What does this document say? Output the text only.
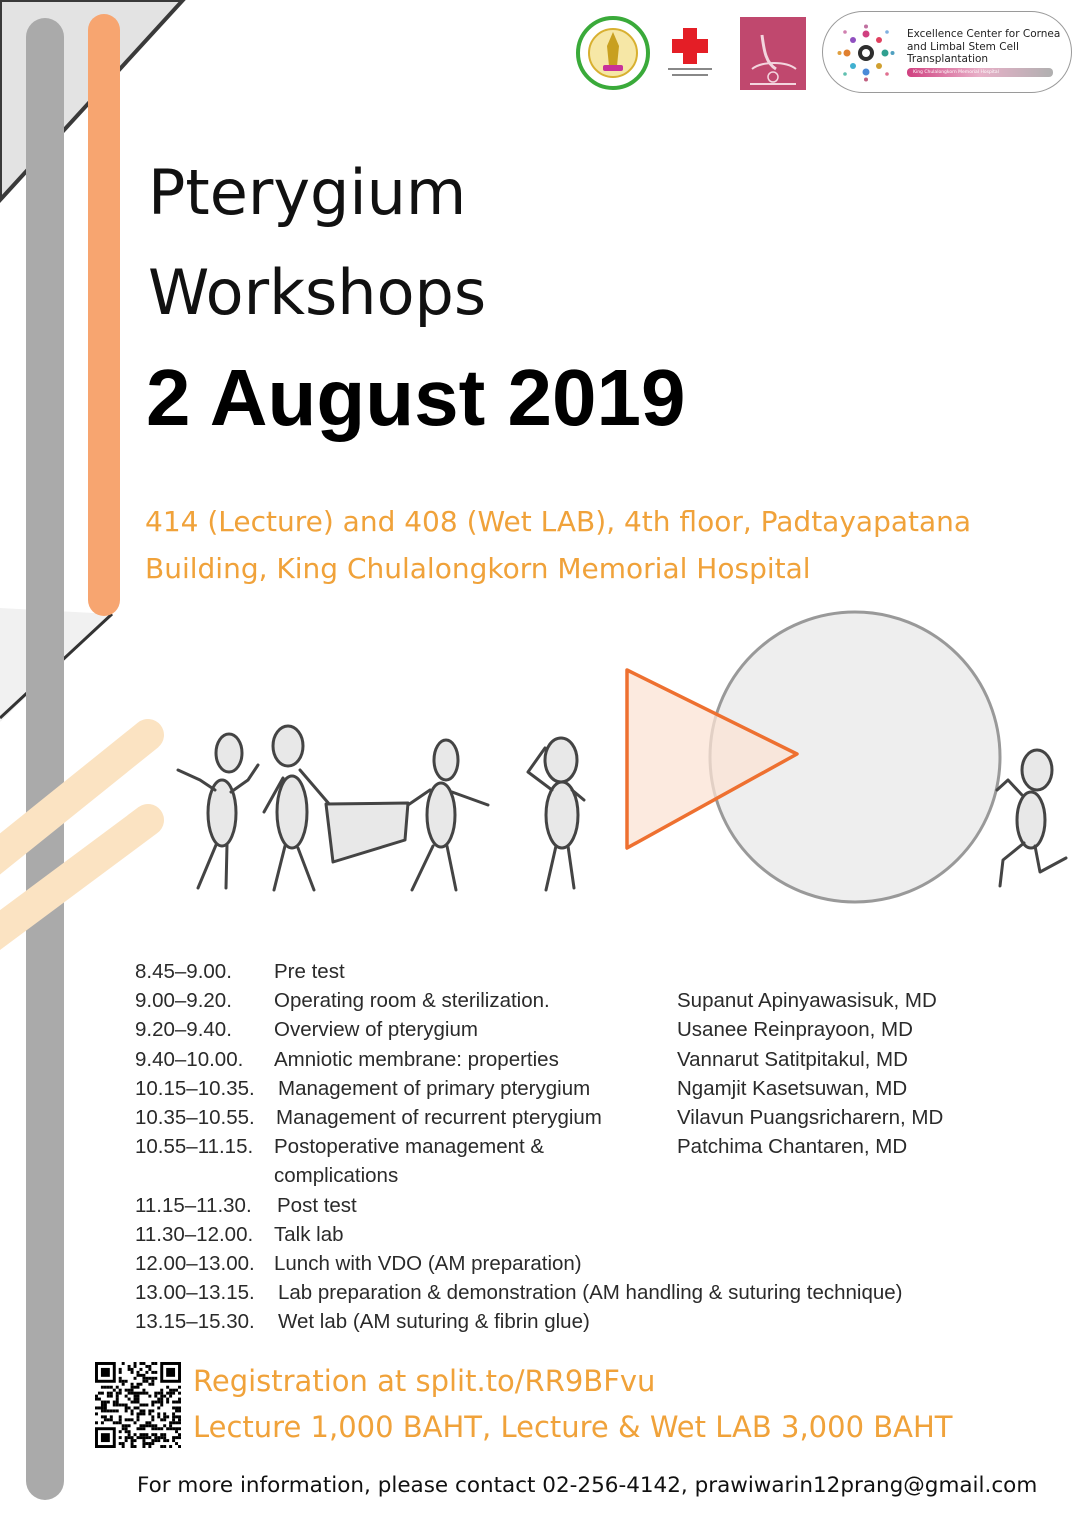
Excellence Center for Cornea
and Limbal Stem Cell
Transplantation
King Chulalongkorn Memorial Hospital
Pterygium
Workshops
2 August 2019
414 (Lecture) and 408 (Wet LAB), 4th floor, Padtayapatana
Building, King Chulalongkorn Memorial Hospital
8.45–9.00. Pre test
9.00–9.20. Operating room & sterilization.	Supanut Apinyawasisuk, MD
9.20–9.40. Overview of pterygium	Usanee Reinprayoon, MD
9.40–10.00. Amniotic membrane: properties	Vannarut Satitpitakul, MD
10.15–10.35. Management of primary pterygium	Ngamjit Kasetsuwan, MD
10.35–10.55. Management of recurrent pterygium	Vilavun Puangsricharern, MD
10.55–11.15. Postoperative management &	Patchima Chantaren, MD
complications
11.15–11.30. Post test
11.30–12.00. Talk lab
12.00–13.00. Lunch with VDO (AM preparation)
13.00–13.15. Lab preparation & demonstration (AM handling & suturing technique)
13.15–15.30. Wet lab (AM suturing & fibrin glue)
Registration at split.to/RR9BFvu
Lecture 1,000 BAHT, Lecture & Wet LAB 3,000 BAHT
For more information, please contact 02-256-4142, prawiwarin12prang@gmail.com
